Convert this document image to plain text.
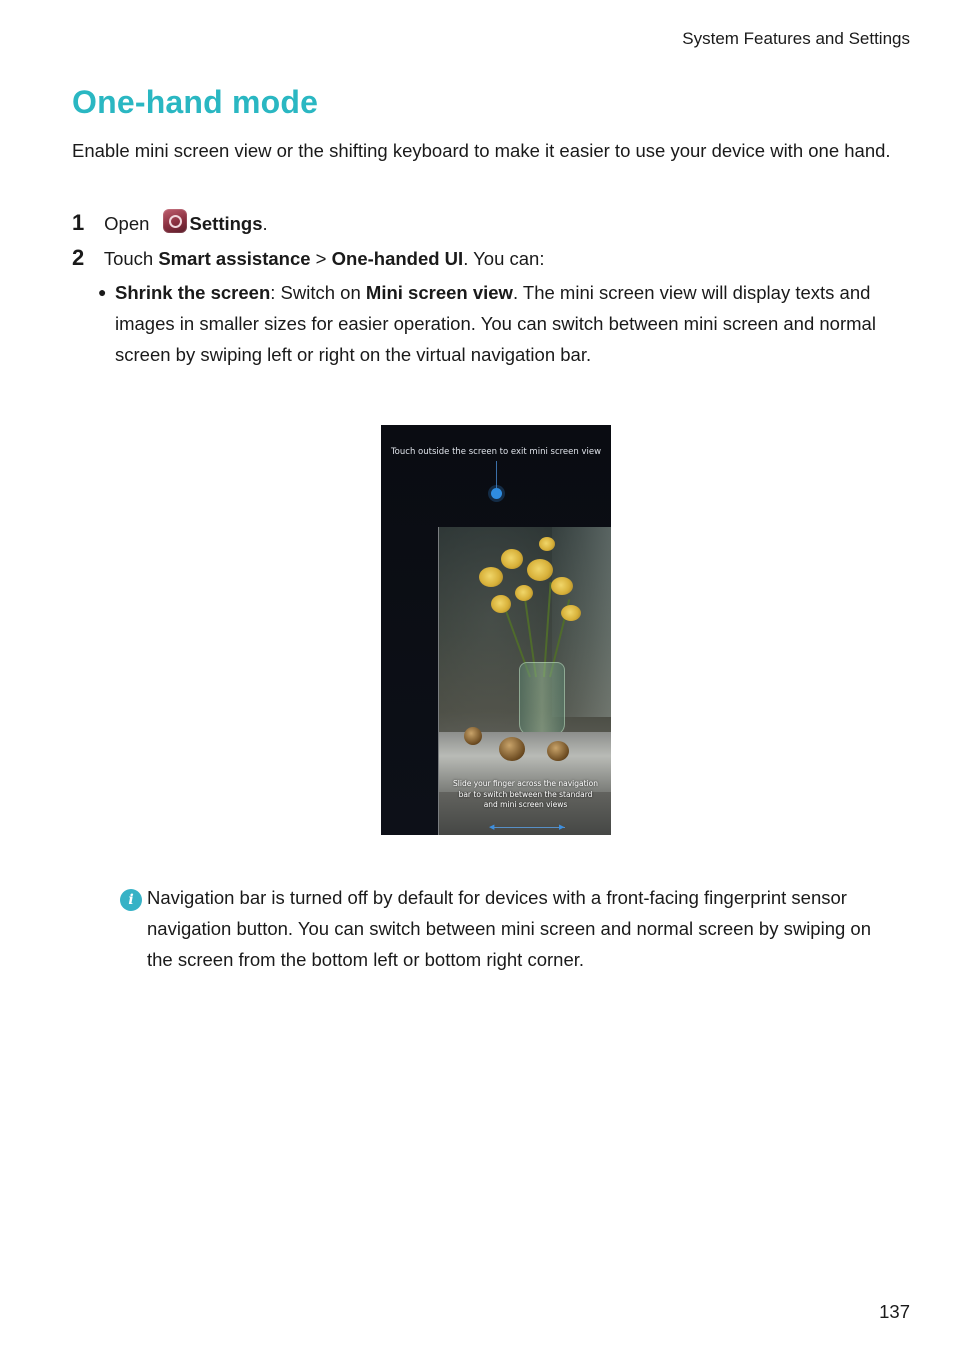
System Features and Settings
One-hand mode

Enable mini screen view or the shifting keyboard to make it easier to use your device with one hand.

1 Open Settings.
2 Touch Smart assistance > One-handed UI. You can:
● Shrink the screen: Switch on Mini screen view. The mini screen view will display texts and images in smaller sizes for easier operation. You can switch between mini screen and normal screen by swiping left or right on the virtual navigation bar.
Touch outside the screen to exit mini screen view
Slide your finger across the navigation
bar to switch between the standard
and mini screen views
◀	▶
i Navigation bar is turned off by default for devices with a front-facing fingerprint sensor navigation button. You can switch between mini screen and normal screen by swiping on the screen from the bottom left or bottom right corner.
137
